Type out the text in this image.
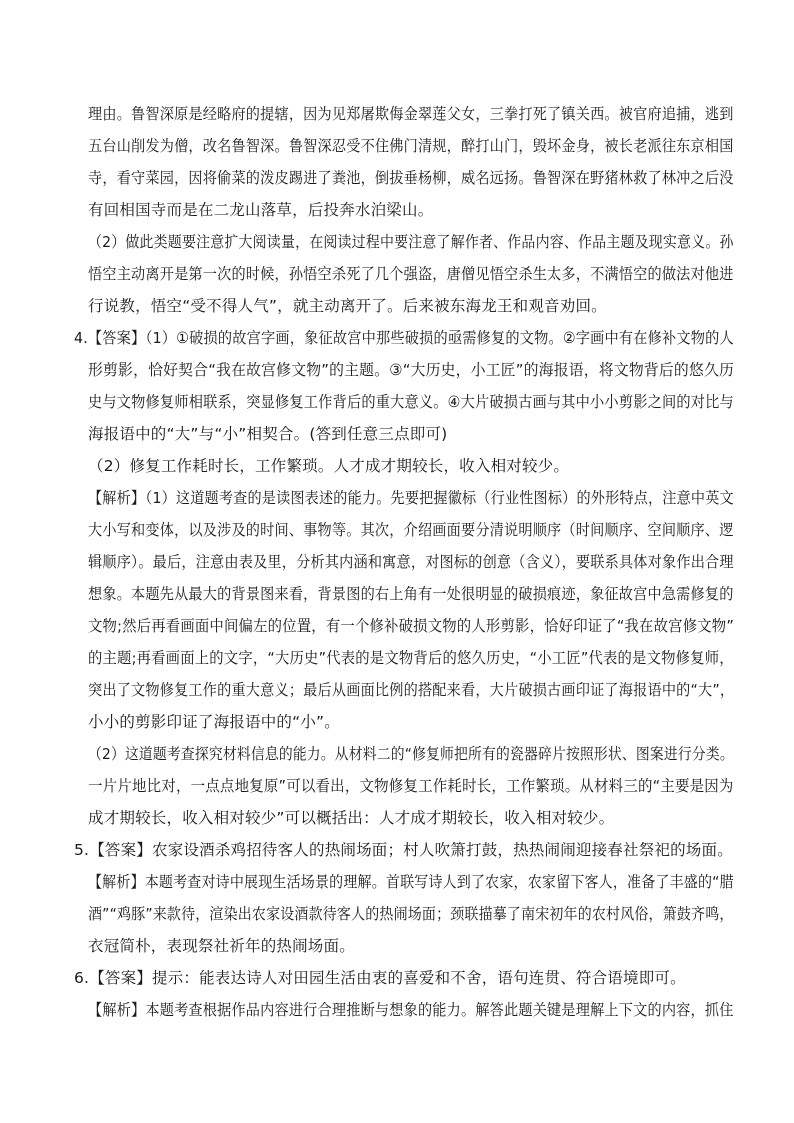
理由。鲁智深原是经略府的提辖，因为见郑屠欺侮金翠莲父女，三拳打死了镇关西。被官府追捕，逃到
五台山削发为僧，改名鲁智深。鲁智深忍受不住佛门清规，醉打山门，毁坏金身，被长老派往东京相国
寺，看守菜园，因将偷菜的泼皮踢进了粪池，倒拔垂杨柳，威名远扬。鲁智深在野猪林救了林冲之后没
有回相国寺而是在二龙山落草，后投奔水泊梁山。
（2）做此类题要注意扩大阅读量，在阅读过程中要注意了解作者、作品内容、作品主题及现实意义。孙
悟空主动离开是第一次的时候，孙悟空杀死了几个强盗，唐僧见悟空杀生太多，不满悟空的做法对他进
行说教，悟空“受不得人气”，就主动离开了。后来被东海龙王和观音劝回。
4.【答案】（1）①破损的故宫字画，象征故宫中那些破损的亟需修复的文物。②字画中有在修补文物的人
形剪影，恰好契合“我在故宫修文物”的主题。③“大历史，小工匠”的海报语，将文物背后的悠久历
史与文物修复师相联系，突显修复工作背后的重大意义。④大片破损古画与其中小小剪影之间的对比与
海报语中的“大”与“小”相契合。(答到任意三点即可)
（2）修复工作耗时长，工作繁琐。人才成才期较长，收入相对较少。
【解析】（1）这道题考查的是读图表述的能力。先要把握徽标（行业性图标）的外形特点，注意中英文
大小写和变体，以及涉及的时间、事物等。其次，介绍画面要分清说明顺序（时间顺序、空间顺序、逻
辑顺序）。最后，注意由表及里，分析其内涵和寓意，对图标的创意（含义），要联系具体对象作出合理
想象。本题先从最大的背景图来看，背景图的右上角有一处很明显的破损痕迹，象征故宫中急需修复的
文物;然后再看画面中间偏左的位置，有一个修补破损文物的人形剪影，恰好印证了“我在故宫修文物”
的主题;再看画面上的文字，“大历史”代表的是文物背后的悠久历史，“小工匠”代表的是文物修复师，
突出了文物修复工作的重大意义；最后从画面比例的搭配来看，大片破损古画印证了海报语中的“大”，
小小的剪影印证了海报语中的“小”。
（2）这道题考查探究材料信息的能力。从材料二的“修复师把所有的瓷器碎片按照形状、图案进行分类。
一片片地比对，一点点地复原”可以看出，文物修复工作耗时长，工作繁琐。从材料三的“主要是因为
成才期较长，收入相对较少”可以概括出：人才成才期较长，收入相对较少。
5.【答案】农家设酒杀鸡招待客人的热闹场面；村人吹箫打鼓，热热闹闹迎接春社祭祀的场面。
【解析】本题考查对诗中展现生活场景的理解。首联写诗人到了农家，农家留下客人，准备了丰盛的“腊
酒”“鸡豚”来款待，渲染出农家设酒款待客人的热闹场面；颈联描摹了南宋初年的农村风俗，箫鼓齐鸣，
衣冠简朴，表现祭社祈年的热闹场面。
6.【答案】提示：能表达诗人对田园生活由衷的喜爱和不舍，语句连贯、符合语境即可。
【解析】本题考查根据作品内容进行合理推断与想象的能力。解答此题关键是理解上下文的内容，抓住
